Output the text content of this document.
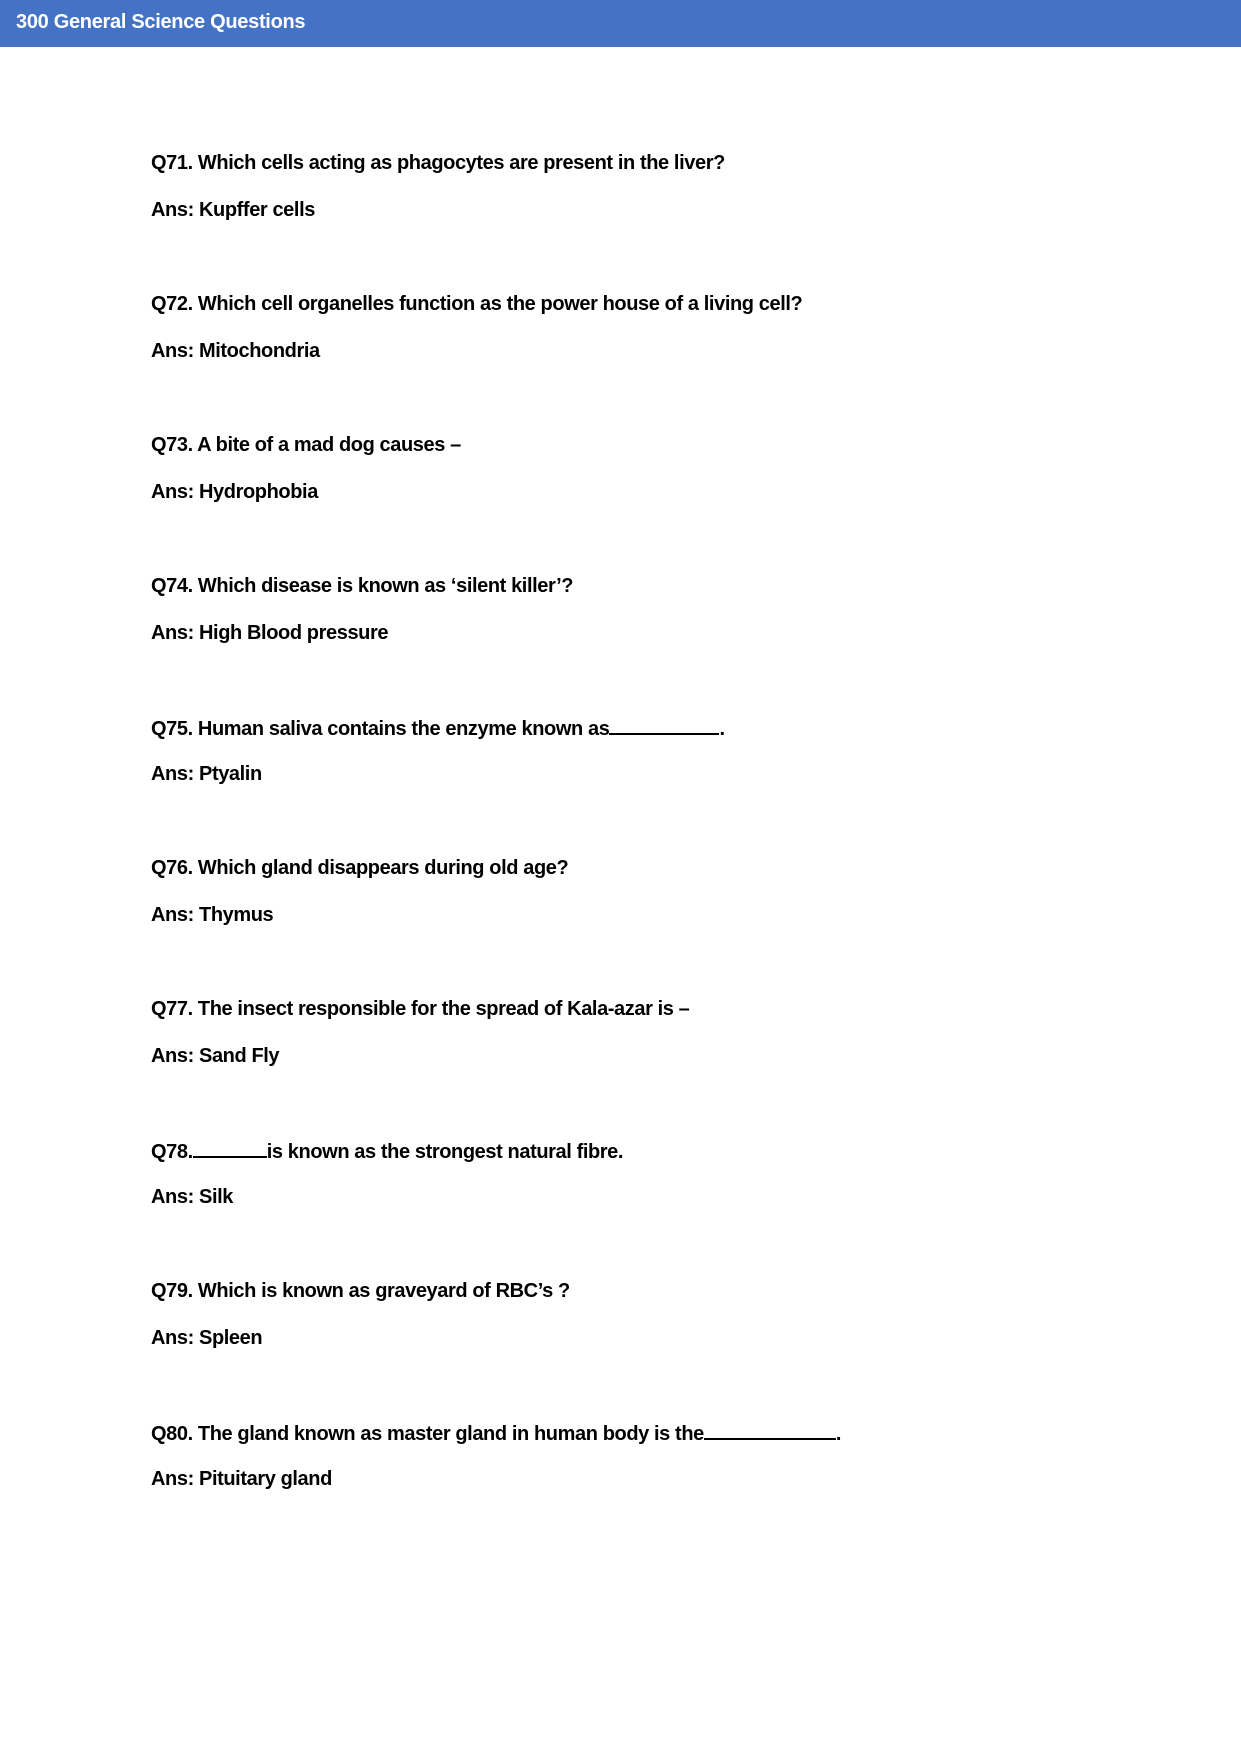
300 General Science Questions
Q71. Which cells acting as phagocytes are present in the liver?
Ans: Kupffer cells
Q72. Which cell organelles function as the power house of a living cell?
Ans: Mitochondria
Q73. A bite of a mad dog causes –
Ans: Hydrophobia
Q74. Which disease is known as ‘silent killer’?
Ans: High Blood pressure
Q75. Human saliva contains the enzyme known as	.
Ans: Ptyalin
Q76. Which gland disappears during old age?
Ans: Thymus
Q77. The insect responsible for the spread of Kala-azar is –
Ans: Sand Fly
Q78.	is known as the strongest natural fibre.
Ans: Silk
Q79. Which is known as graveyard of RBC’s ?
Ans: Spleen
Q80. The gland known as master gland in human body is the	.
Ans: Pituitary gland
